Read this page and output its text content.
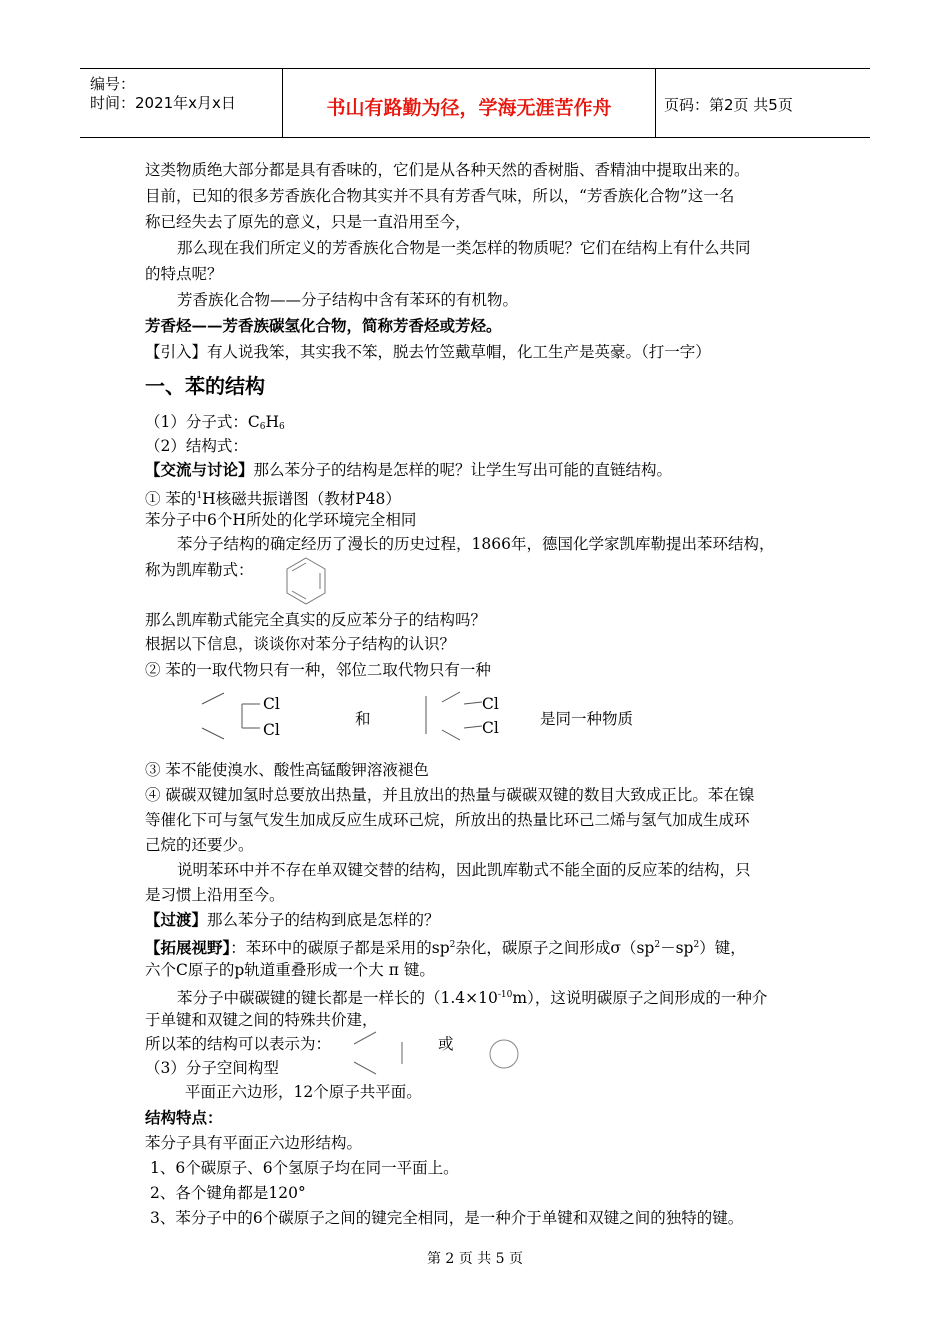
编号：
时间：2021年x月x日	书山有路勤为径，学海无涯苦作舟	页码：第2页 共5页
这类物质绝大部分都是具有香味的，它们是从各种天然的香树脂、香精油中提取出来的。
目前，已知的很多芳香族化合物其实并不具有芳香气味，所以，“芳香族化合物”这一名
称已经失去了原先的意义，只是一直沿用至今，
那么现在我们所定义的芳香族化合物是一类怎样的物质呢？它们在结构上有什么共同
的特点呢？
芳香族化合物——分子结构中含有苯环的有机物。
芳香烃——芳香族碳氢化合物，简称芳香烃或芳烃。
【引入】有人说我笨，其实我不笨，脱去竹笠戴草帽，化工生产是英豪。（打一字）
一、苯的结构
（1）分子式：$C_6H_6$
（2）结构式：
【交流与讨论】那么苯分子的结构是怎样的呢？让学生写出可能的直链结构。
① 苯的$^1$H核磁共振谱图（教材P48）
苯分子中6个H所处的化学环境完全相同
苯分子结构的确定经历了漫长的历史过程，1866年，德国化学家凯库勒提出苯环结构，
称为凯库勒式：
那么凯库勒式能完全真实的反应苯分子的结构吗？
根据以下信息，谈谈你对苯分子结构的认识？
② 苯的一取代物只有一种，邻位二取代物只有一种
Cl
Cl
和
Cl
Cl	是同一种物质
③ 苯不能使溴水、酸性高锰酸钾溶液褪色
④ 碳碳双键加氢时总要放出热量，并且放出的热量与碳碳双键的数目大致成正比。苯在镍
等催化下可与氢气发生加成反应生成环己烷，所放出的热量比环己二烯与氢气加成生成环
己烷的还要少。
说明苯环中并不存在单双键交替的结构，因此凯库勒式不能全面的反应苯的结构，只
是习惯上沿用至今。
【过渡】那么苯分子的结构到底是怎样的？
【拓展视野】：苯环中的碳原子都是采用的$sp^2$杂化，碳原子之间形成$\sigma(sp^2-sp^2)$键，
六个C原子的p轨道重叠形成一个大 π 键。
苯分子中碳碳键的键长都是一样长的$(1.4\times 10^{-10}m)$，这说明碳原子之间形成的一种介
于单键和双键之间的特殊共价建，
所以苯的结构可以表示为：	或
（3）分子空间构型
平面正六边形，12个原子共平面。
结构特点：
苯分子具有平面正六边形结构。
1、6个碳原子、6个氢原子均在同一平面上。
2、各个键角都是120°
3、苯分子中的6个碳原子之间的键完全相同，是一种介于单键和双键之间的独特的键。
第 2 页 共 5 页
